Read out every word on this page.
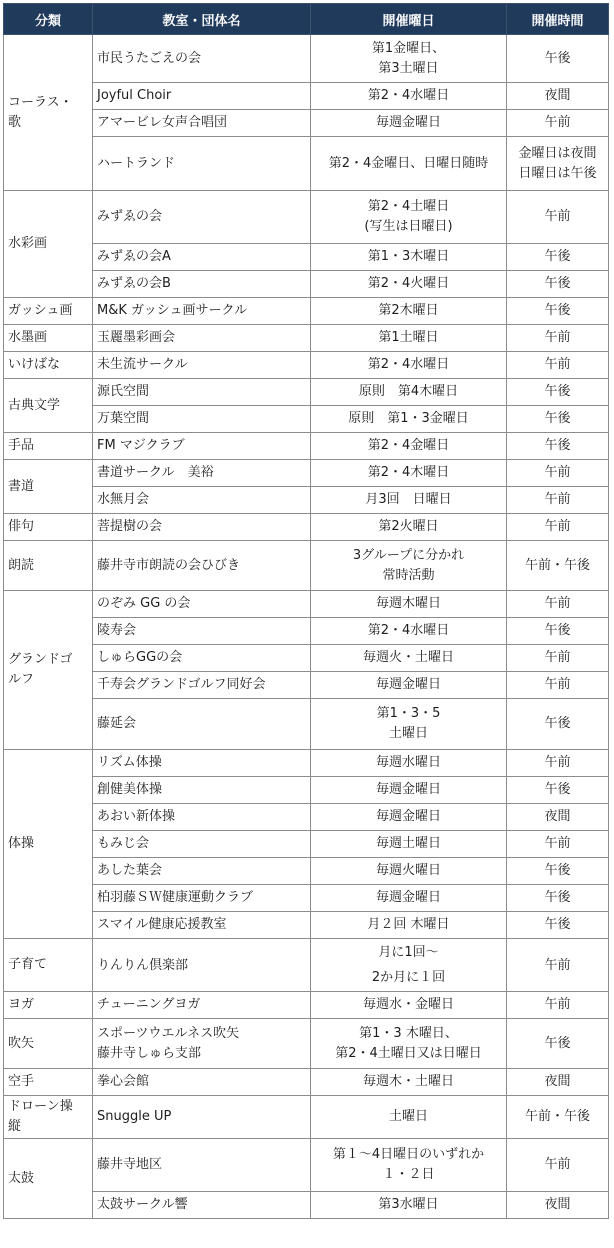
分類	教室・団体名	開催曜日	開催時間

コーラス・
歌	市民うたごえの会	第1金曜日、
第3土曜日	午後

	Joyful Choir	第2・4水曜日	夜間

	アマービレ女声合唱団	毎週金曜日	午前

	ハートランド	第2・4金曜日、日曜日随時	金曜日は夜間
日曜日は午後

水彩画	みずゑの会	第2・4土曜日
(写生は日曜日)	午前

	みずゑの会A	第1・3木曜日	午後

	みずゑの会B	第2・4火曜日	午後

ガッシュ画	M&K ガッシュ画サークル	第2木曜日	午後

水墨画	玉麗墨彩画会	第1土曜日	午前

いけばな	未生流サークル	第2・4水曜日	午前

古典文学	源氏空間	原則　第4木曜日	午後

	万葉空間	原則　第1・3金曜日	午後

手品	FM マジクラブ	第2・4金曜日	午後

書道	書道サークル　美裕	第2・4木曜日	午前

	水無月会	月3回　日曜日	午前

俳句	菩提樹の会	第2火曜日	午前

朗読	藤井寺市朗読の会ひびき	3グループに分かれ
常時活動	午前・午後

グランドゴ
ルフ	のぞみ GG の会	毎週木曜日	午前

	陵寿会	第2・4水曜日	午後

	しゅらGGの会	毎週火・土曜日	午前

	千寿会グランドゴルフ同好会	毎週金曜日	午前

	藤延会	第1・3・5
土曜日	午後

体操	リズム体操	毎週水曜日	午前

	創健美体操	毎週金曜日	午後

	あおい新体操	毎週金曜日	夜間

	もみじ会	毎週土曜日	午前

	あした葉会	毎週火曜日	午後

	柏羽藤ＳＷ健康運動クラブ	毎週金曜日	午後

	スマイル健康応援教室	月２回 木曜日	午後

子育て	りんりん倶楽部	月に1回～
2か月に１回	午前

ヨガ	チューニングヨガ	毎週水・金曜日	午前

吹矢	スポーツウエルネス吹矢
藤井寺しゅら支部	第1・3 木曜日、
第2・4土曜日又は日曜日	午後

空手	拳心会館	毎週木・土曜日	夜間

ドローン操
縦	Snuggle UP	土曜日	午前・午後

太鼓	藤井寺地区	第１～4日曜日のいずれか
１・２日	午前

	太鼓サークル響	第3水曜日	夜間
